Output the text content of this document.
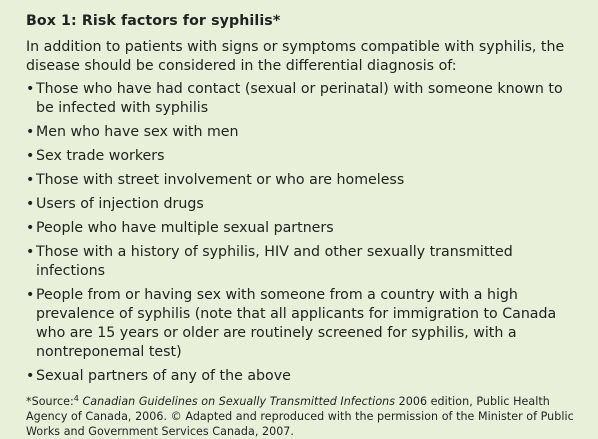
Box 1: Risk factors for syphilis*
In addition to patients with signs or symptoms compatible with syphilis, the disease should be considered in the differential diagnosis of:
• Those who have had contact (sexual or perinatal) with someone known to be infected with syphilis
• Men who have sex with men
• Sex trade workers
• Those with street involvement or who are homeless
• Users of injection drugs
• People who have multiple sexual partners
• Those with a history of syphilis, HIV and other sexually transmitted infections
• People from or having sex with someone from a country with a high prevalence of syphilis (note that all applicants for immigration to Canada who are 15 years or older are routinely screened for syphilis, with a nontreponemal test)
• Sexual partners of any of the above
*Source:$^4$ Canadian Guidelines on Sexually Transmitted Infections 2006 edition, Public Health Agency of Canada, 2006. © Adapted and reproduced with the permission of the Minister of Public Works and Government Services Canada, 2007.
